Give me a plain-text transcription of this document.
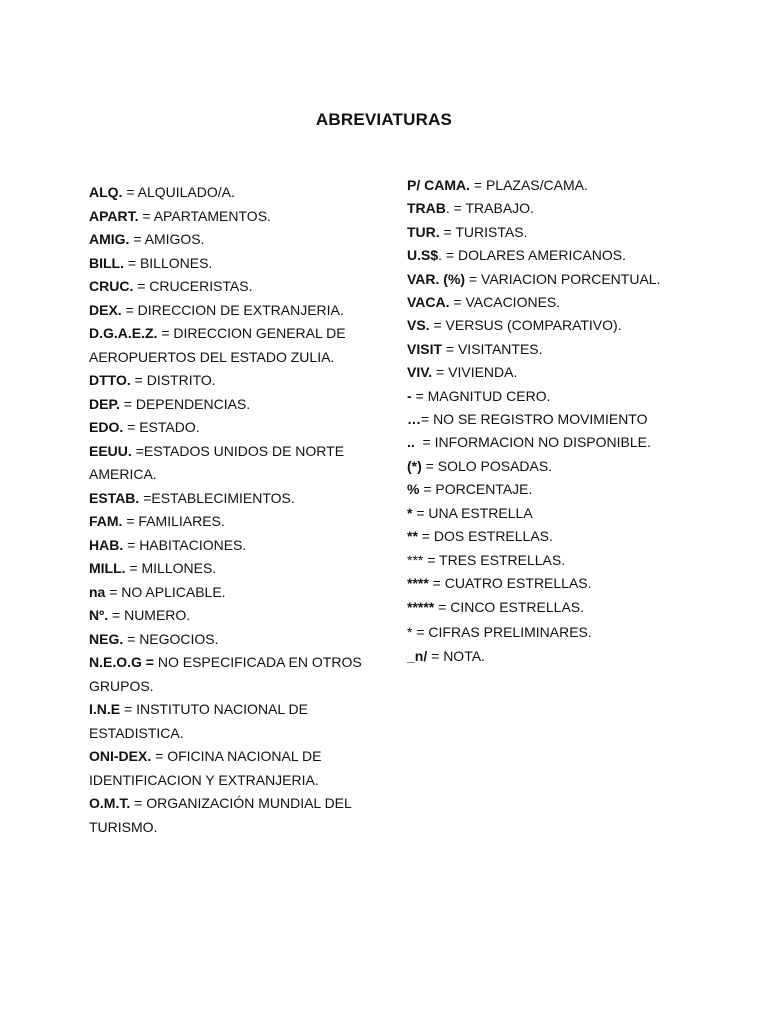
ABREVIATURAS

ALQ. = ALQUILADO/A.

APART. = APARTAMENTOS.

AMIG. = AMIGOS.

BILL. = BILLONES.

CRUC. = CRUCERISTAS.

DEX. = DIRECCION DE EXTRANJERIA.

D.G.A.E.Z. = DIRECCION GENERAL DE AEROPUERTOS DEL ESTADO ZULIA.

DTTO. = DISTRITO.

DEP. = DEPENDENCIAS.

EDO. = ESTADO.

EEUU. =ESTADOS UNIDOS DE NORTE AMERICA.

ESTAB. =ESTABLECIMIENTOS.

FAM. = FAMILIARES.

HAB. = HABITACIONES.

MILL. = MILLONES.

na = NO APLICABLE.

Nº. = NUMERO.

NEG. = NEGOCIOS.

N.E.O.G = NO ESPECIFICADA EN OTROS GRUPOS.

I.N.E = INSTITUTO NACIONAL DE ESTADISTICA.

ONI-DEX. = OFICINA NACIONAL DE IDENTIFICACION Y EXTRANJERIA.

O.M.T. = ORGANIZACIÓN MUNDIAL DEL TURISMO.

P/ CAMA. = PLAZAS/CAMA.

TRAB. = TRABAJO.

TUR. = TURISTAS.

U.S$. = DOLARES AMERICANOS.

VAR. (%) = VARIACION PORCENTUAL.

VACA. = VACACIONES.

VS. = VERSUS (COMPARATIVO).

VISIT = VISITANTES.

VIV. = VIVIENDA.

- = MAGNITUD CERO.

…= NO SE REGISTRO MOVIMIENTO

..  = INFORMACION NO DISPONIBLE.

(*) = SOLO POSADAS.

% = PORCENTAJE.

* = UNA ESTRELLA

** = DOS ESTRELLAS.

*** = TRES ESTRELLAS.

**** = CUATRO ESTRELLAS.

***** = CINCO ESTRELLAS.

* = CIFRAS PRELIMINARES.

_n/ = NOTA.
